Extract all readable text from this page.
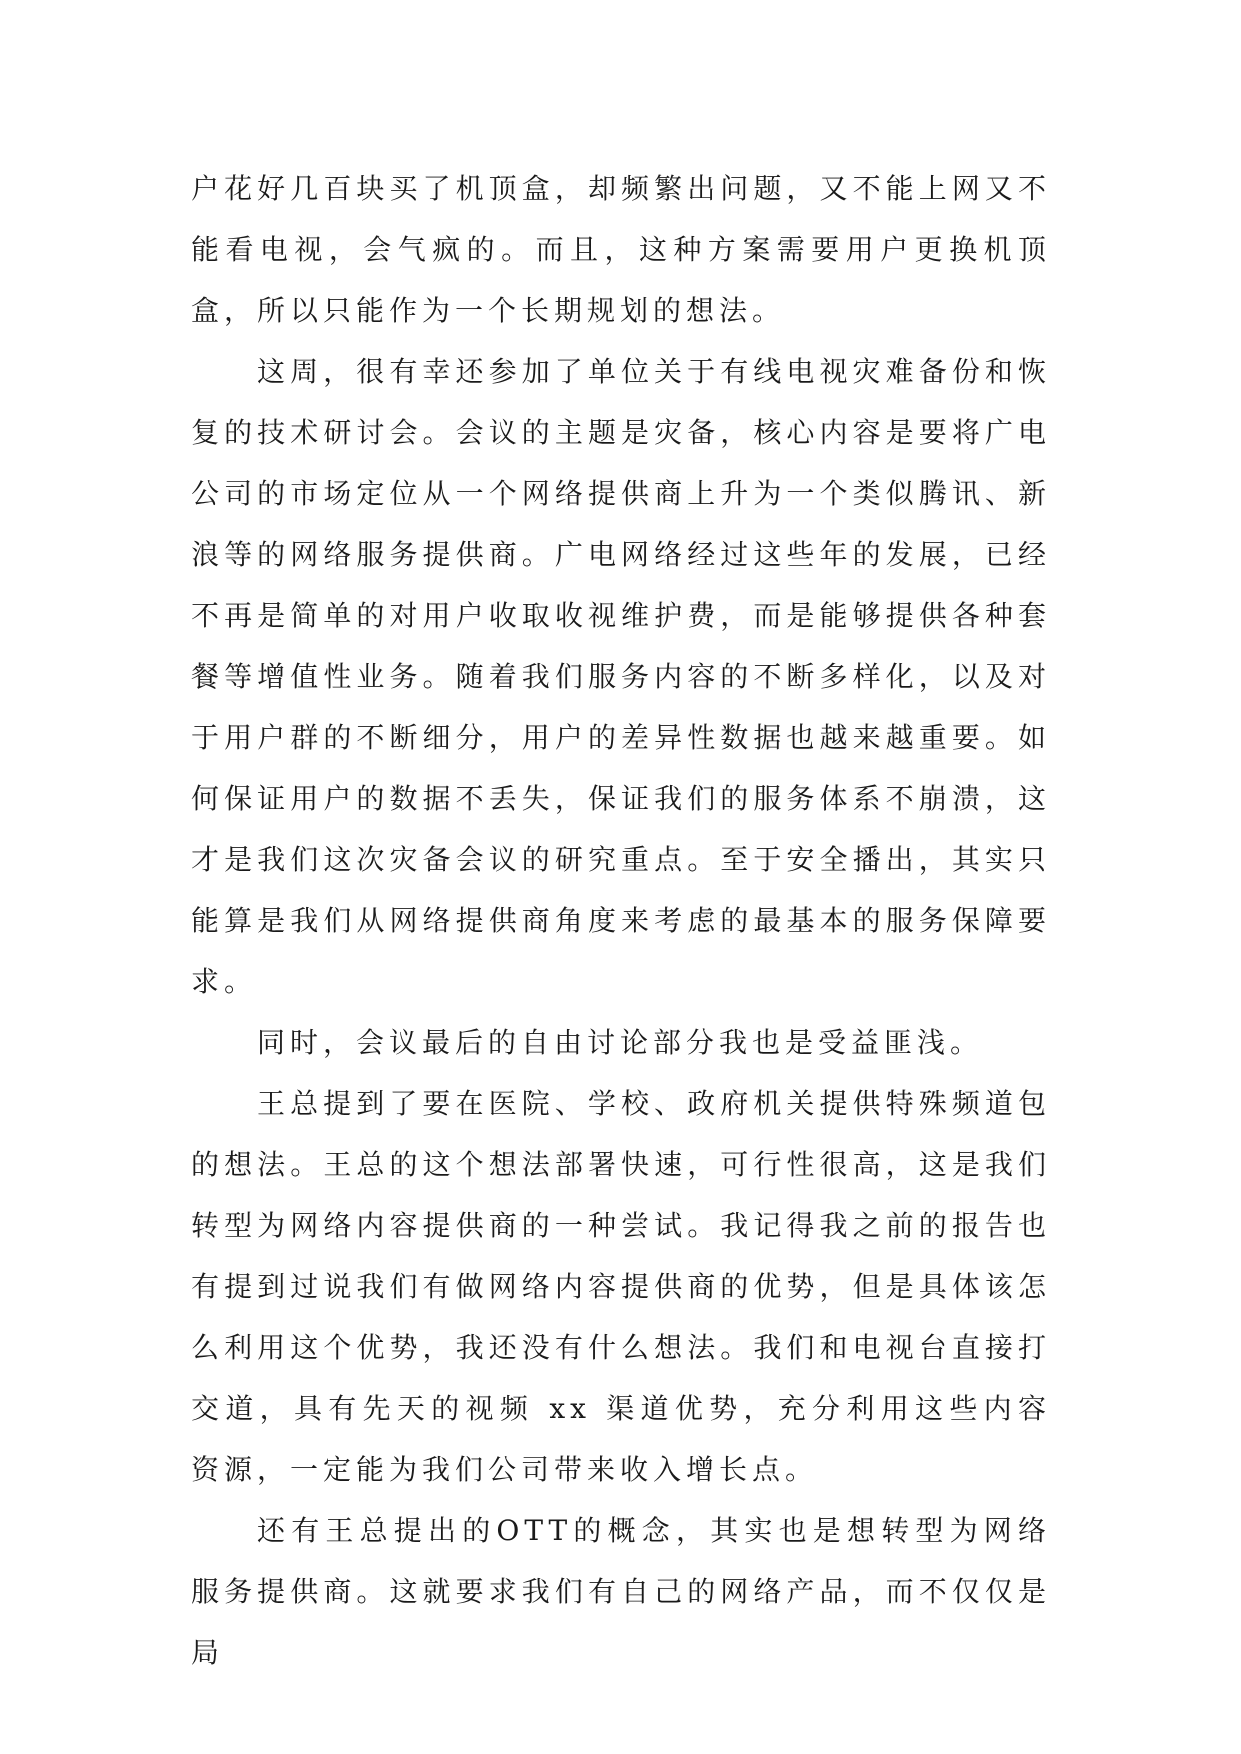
户花好几百块买了机顶盒，却频繁出问题，又不能上网又不能看电视，会气疯的。而且，这种方案需要用户更换机顶盒，所以只能作为一个长期规划的想法。

这周，很有幸还参加了单位关于有线电视灾难备份和恢复的技术研讨会。会议的主题是灾备，核心内容是要将广电公司的市场定位从一个网络提供商上升为一个类似腾讯、新浪等的网络服务提供商。广电网络经过这些年的发展，已经不再是简单的对用户收取收视维护费，而是能够提供各种套餐等增值性业务。随着我们服务内容的不断多样化，以及对于用户群的不断细分，用户的差异性数据也越来越重要。如何保证用户的数据不丢失，保证我们的服务体系不崩溃，这才是我们这次灾备会议的研究重点。至于安全播出，其实只能算是我们从网络提供商角度来考虑的最基本的服务保障要求。

同时，会议最后的自由讨论部分我也是受益匪浅。

王总提到了要在医院、学校、政府机关提供特殊频道包的想法。王总的这个想法部署快速，可行性很高，这是我们转型为网络内容提供商的一种尝试。我记得我之前的报告也有提到过说我们有做网络内容提供商的优势，但是具体该怎么利用这个优势，我还没有什么想法。我们和电视台直接打交道，具有先天的视频 xx 渠道优势，充分利用这些内容资源，一定能为我们公司带来收入增长点。

还有王总提出的OTT的概念，其实也是想转型为网络服务提供商。这就要求我们有自己的网络产品，而不仅仅是局
